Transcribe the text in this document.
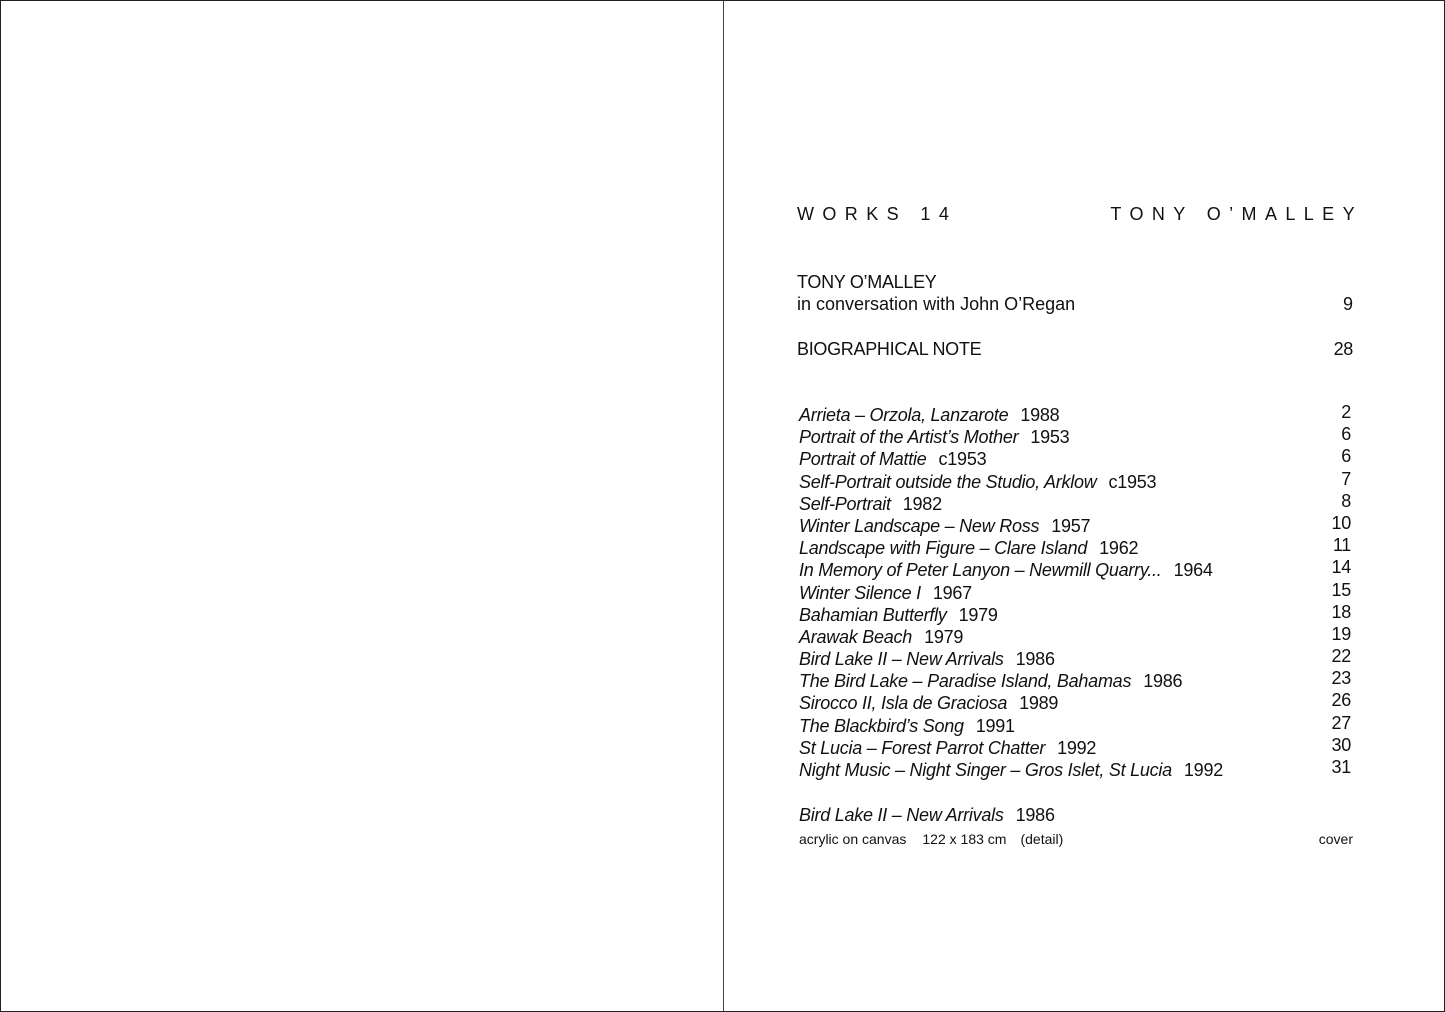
WORKS 14	TONY O’MALLEY
TONY O’MALLEY
in conversation with John O’Regan	9
BIOGRAPHICAL NOTE	28
Arrieta – Orzola, Lanzarote 1988	2
Portrait of the Artist’s Mother 1953	6
Portrait of Mattie c1953	6
Self-Portrait outside the Studio, Arklow c1953	7
Self-Portrait 1982	8
Winter Landscape – New Ross 1957	10
Landscape with Figure – Clare Island 1962	11
In Memory of Peter Lanyon – Newmill Quarry... 1964	14
Winter Silence I 1967	15
Bahamian Butterfly 1979	18
Arawak Beach 1979	19
Bird Lake II – New Arrivals 1986	22
The Bird Lake – Paradise Island, Bahamas 1986	23
Sirocco II, Isla de Graciosa 1989	26
The Blackbird’s Song 1991	27
St Lucia – Forest Parrot Chatter 1992	30
Night Music – Night Singer – Gros Islet, St Lucia 1992	31
Bird Lake II – New Arrivals 1986
acrylic on canvas 122 x 183 cm (detail)	cover
